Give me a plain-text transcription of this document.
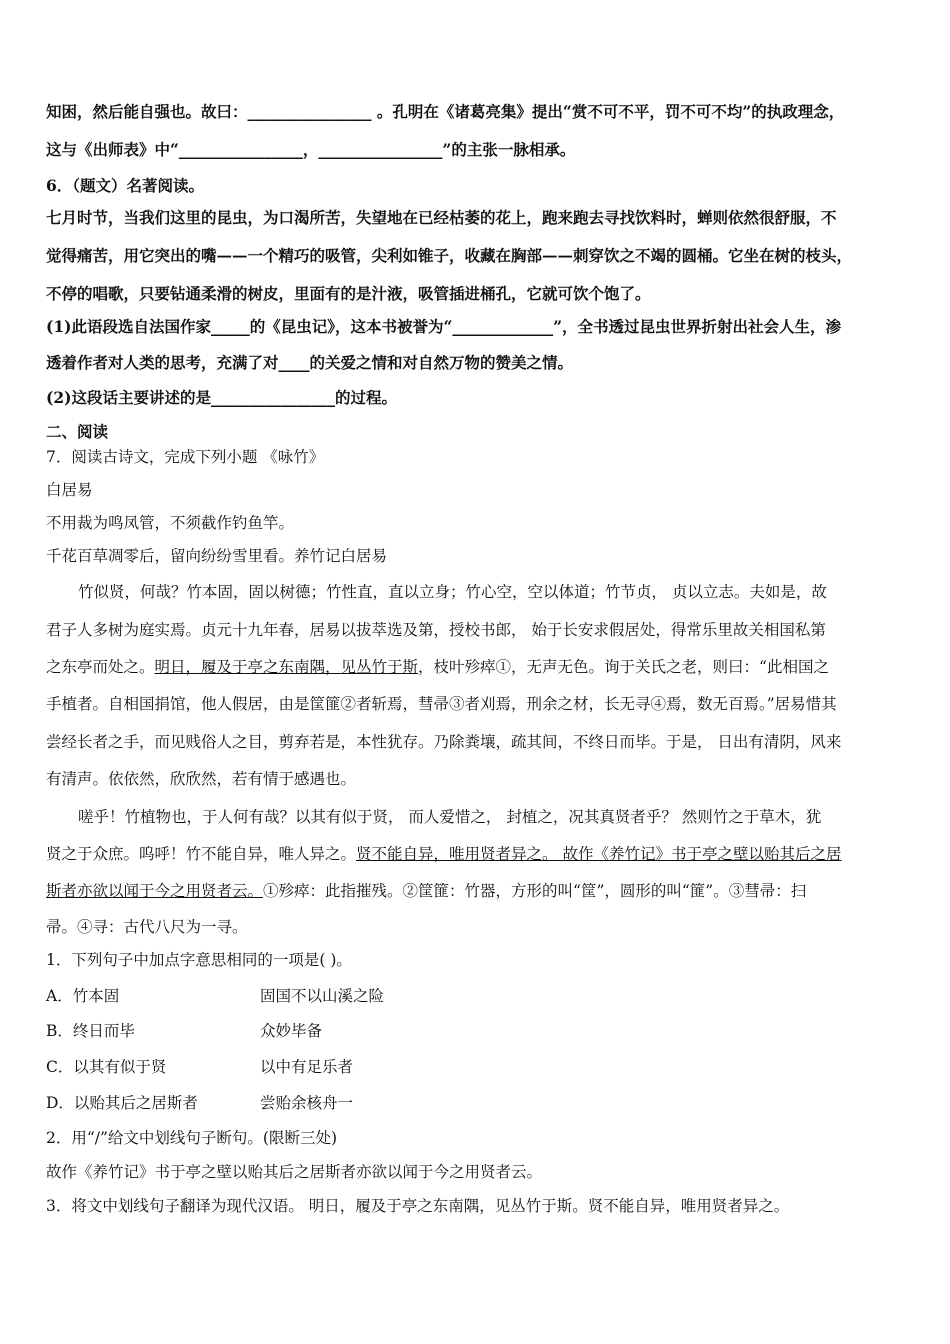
知困，然后能自强也。故曰：________________ 。孔明在《诸葛亮集》提出“赏不可不平，罚不可不均”的执政理念，
这与《出师表》中“________________，________________”的主张一脉相承。
6．（题文）名著阅读。
七月时节，当我们这里的昆虫，为口渴所苦，失望地在已经枯萎的花上，跑来跑去寻找饮料时，蝉则依然很舒服，不
觉得痛苦，用它突出的嘴——一个精巧的吸管，尖利如锥子，收藏在胸部——刺穿饮之不竭的圆桶。它坐在树的枝头，
不停的唱歌，只要钻通柔滑的树皮，里面有的是汁液，吸管插进桶孔，它就可饮个饱了。
(1)此语段选自法国作家_____的《昆虫记》，这本书被誉为“_____________”，全书透过昆虫世界折射出社会人生，渗
透着作者对人类的思考，充满了对____的关爱之情和对自然万物的赞美之情。
(2)这段话主要讲述的是________________的过程。
二、阅读
7．阅读古诗文，完成下列小题 《咏竹》
白居易
不用裁为鸣凤管，不须截作钓鱼竿。
千花百草凋零后，留向纷纷雪里看。养竹记白居易
竹似贤，何哉？竹本固，固以树德；竹性直，直以立身；竹心空，空以体道；竹节贞， 贞以立志。夫如是，故
君子人多树为庭实焉。贞元十九年春，居易以拔萃选及第，授校书郎， 始于长安求假居处，得常乐里故关相国私第
之东亭而处之。明日，履及于亭之东南隅，见丛竹于斯，枝叶殄瘁①，无声无色。询于关氏之老，则曰：“此相国之
手植者。自相国捐馆，他人假居，由是筐篚②者斩焉，彗帚③者刈焉，刑余之材，长无寻④焉，数无百焉。”居易惜其
尝经长者之手，而见贱俗人之目，剪弃若是，本性犹存。乃除粪壤，疏其间，不终日而毕。于是， 日出有清阴，风来
有清声。依依然，欣欣然，若有情于感遇也。
嗟乎！竹植物也，于人何有哉？以其有似于贤， 而人爱惜之， 封植之，况其真贤者乎？ 然则竹之于草木，犹
贤之于众庶。呜呼！竹不能自异，唯人异之。贤不能自异，唯用贤者异之。 故作《养竹记》书于亭之壁以贻其后之居
斯者亦欲以闻于今之用贤者云。①殄瘁：此指摧残。②筐篚：竹器，方形的叫“筐”，圆形的叫“篚”。③彗帚：扫
帚。④寻：古代八尺为一寻。
1．下列句子中加点字意思相同的一项是( )。
A．竹本固	固国不以山溪之险
B．终日而毕	众妙毕备
C．以其有似于贤	以中有足乐者
D．以贻其后之居斯者	尝贻余核舟一
2．用“/”给文中划线句子断句。(限断三处)
故作《养竹记》书于亭之壁以贻其后之居斯者亦欲以闻于今之用贤者云。
3．将文中划线句子翻译为现代汉语。 明日，履及于亭之东南隅，见丛竹于斯。贤不能自异，唯用贤者异之。
